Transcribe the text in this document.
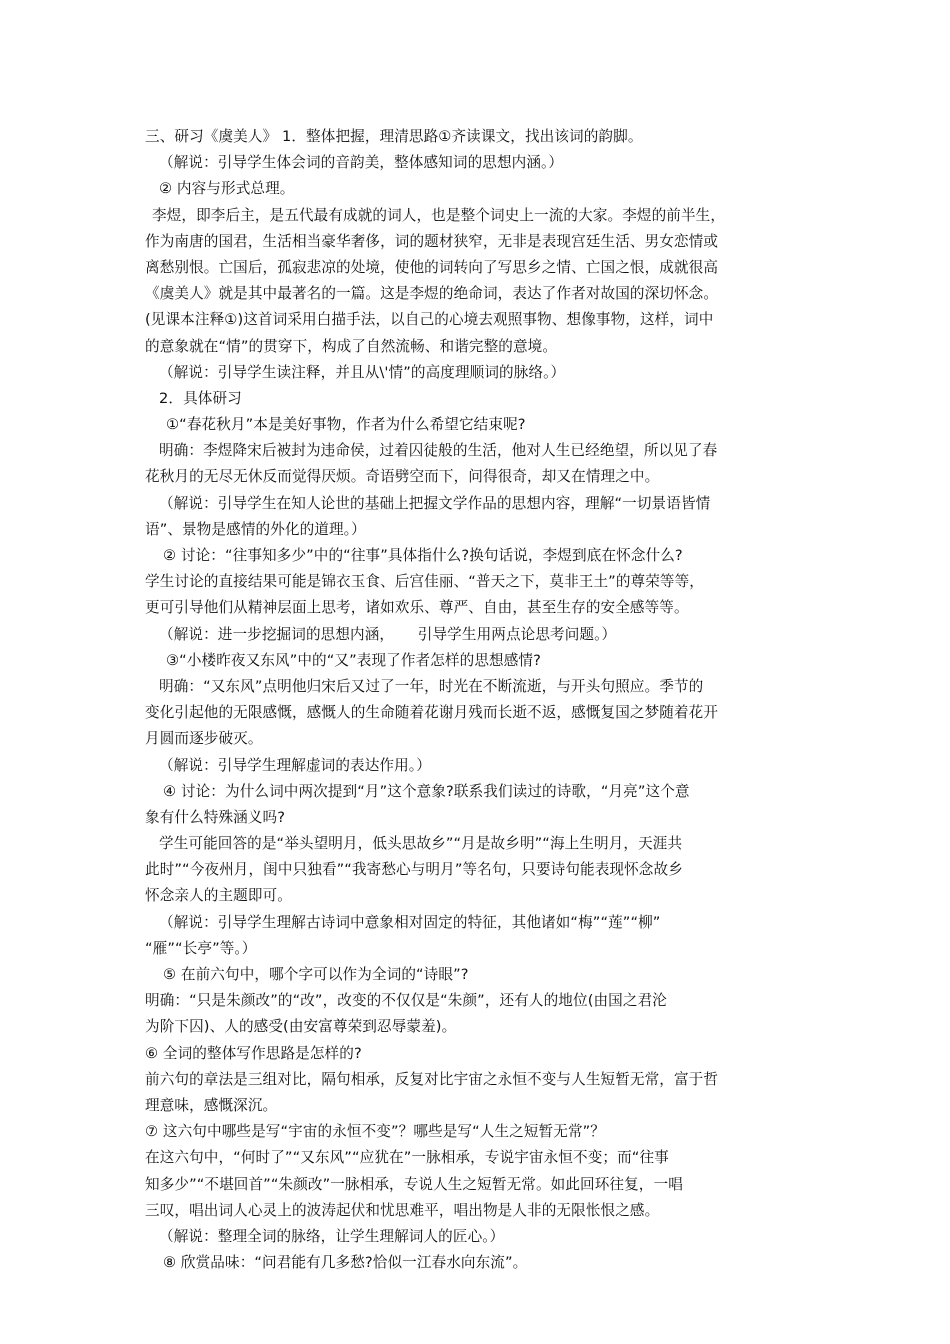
三、研习《虞美人》 1．整体把握，理清思路①齐读课文，找出该词的韵脚。
（解说：引导学生体会词的音韵美，整体感知词的思想内涵。）
② 内容与形式总理。
李煜，即李后主，是五代最有成就的词人，也是整个词史上一流的大家。李煜的前半生，
作为南唐的国君，生活相当豪华奢侈，词的题材狭窄，无非是表现宫廷生活、男女恋情或
离愁别恨。亡国后，孤寂悲凉的处境，使他的词转向了写思乡之情、亡国之恨，成就很高
《虞美人》就是其中最著名的一篇。这是李煜的绝命词，表达了作者对故国的深切怀念。
(见课本注释①)这首词采用白描手法，以自己的心境去观照事物、想像事物，这样，词中
的意象就在“情”的贯穿下，构成了自然流畅、和谐完整的意境。
（解说：引导学生读注释，并且从\'情”的高度理顺词的脉络。）
2．具体研习
①“春花秋月”本是美好事物，作者为什么希望它结束呢?
明确：李煜降宋后被封为违命侯，过着囚徒般的生活，他对人生已经绝望，所以见了春
花秋月的无尽无休反而觉得厌烦。奇语劈空而下，问得很奇，却又在情理之中。
（解说：引导学生在知人论世的基础上把握文学作品的思想内容，理解“一切景语皆情
语”、景物是感情的外化的道理。）
② 讨论：“往事知多少”中的“往事”具体指什么?换句话说，李煜到底在怀念什么?
学生讨论的直接结果可能是锦衣玉食、后宫佳丽、“普天之下，莫非王土”的尊荣等等，
更可引导他们从精神层面上思考，诸如欢乐、尊严、自由，甚至生存的安全感等等。
（解说：进一步挖掘词的思想内涵，     引导学生用两点论思考问题。）
③“小楼昨夜又东风”中的“又”表现了作者怎样的思想感情?
明确：“又东风”点明他归宋后又过了一年，时光在不断流逝，与开头句照应。季节的
变化引起他的无限感慨，感慨人的生命随着花谢月残而长逝不返，感慨复国之梦随着花开
月圆而逐步破灭。
（解说：引导学生理解虚词的表达作用。）
④ 讨论：为什么词中两次提到“月”这个意象?联系我们读过的诗歌，“月亮”这个意
象有什么特殊涵义吗?
学生可能回答的是“举头望明月，低头思故乡”“月是故乡明”“海上生明月，天涯共
此时”“今夜州月，闺中只独看”“我寄愁心与明月”等名句，只要诗句能表现怀念故乡
怀念亲人的主题即可。
（解说：引导学生理解古诗词中意象相对固定的特征，其他诸如“梅”“莲”“柳”
“雁”“长亭”等。）
⑤ 在前六句中，哪个字可以作为全词的“诗眼”?
明确：“只是朱颜改”的“改”，改变的不仅仅是“朱颜”，还有人的地位(由国之君沦
为阶下囚)、人的感受(由安富尊荣到忍辱蒙羞)。
⑥ 全词的整体写作思路是怎样的?
前六句的章法是三组对比，隔句相承，反复对比宇宙之永恒不变与人生短暂无常，富于哲
理意味，感慨深沉。
⑦ 这六句中哪些是写“宇宙的永恒不变”？哪些是写“人生之短暂无常”？
在这六句中，“何时了”“又东风”“应犹在”一脉相承，专说宇宙永恒不变；而“往事
知多少”“不堪回首”“朱颜改”一脉相承，专说人生之短暂无常。如此回环往复，一唱
三叹，唱出词人心灵上的波涛起伏和忧思难平，唱出物是人非的无限怅恨之感。
（解说：整理全词的脉络，让学生理解词人的匠心。）
⑧ 欣赏品味：“问君能有几多愁?恰似一江春水向东流”。
